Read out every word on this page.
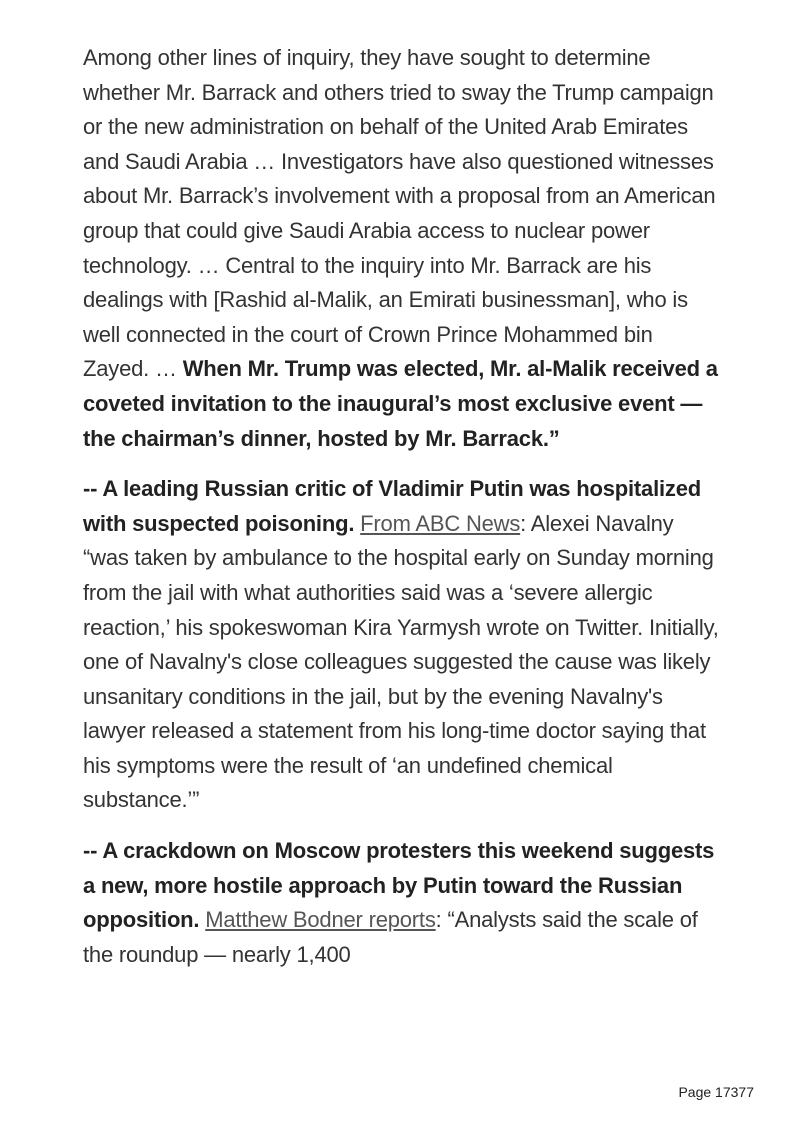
Among other lines of inquiry, they have sought to determine whether Mr. Barrack and others tried to sway the Trump campaign or the new administration on behalf of the United Arab Emirates and Saudi Arabia … Investigators have also questioned witnesses about Mr. Barrack’s involvement with a proposal from an American group that could give Saudi Arabia access to nuclear power technology. … Central to the inquiry into Mr. Barrack are his dealings with [Rashid al-Malik, an Emirati businessman], who is well connected in the court of Crown Prince Mohammed bin Zayed. … When Mr. Trump was elected, Mr. al-Malik received a coveted invitation to the inaugural’s most exclusive event — the chairman’s dinner, hosted by Mr. Barrack.”

-- A leading Russian critic of Vladimir Putin was hospitalized with suspected poisoning. From ABC News: Alexei Navalny “was taken by ambulance to the hospital early on Sunday morning from the jail with what authorities said was a ‘severe allergic reaction,’ his spokeswoman Kira Yarmysh wrote on Twitter. Initially, one of Navalny's close colleagues suggested the cause was likely unsanitary conditions in the jail, but by the evening Navalny's lawyer released a statement from his long-time doctor saying that his symptoms were the result of ‘an undefined chemical substance.’”

-- A crackdown on Moscow protesters this weekend suggests a new, more hostile approach by Putin toward the Russian opposition. Matthew Bodner reports: “Analysts said the scale of the roundup — nearly 1,400

Page 17377
